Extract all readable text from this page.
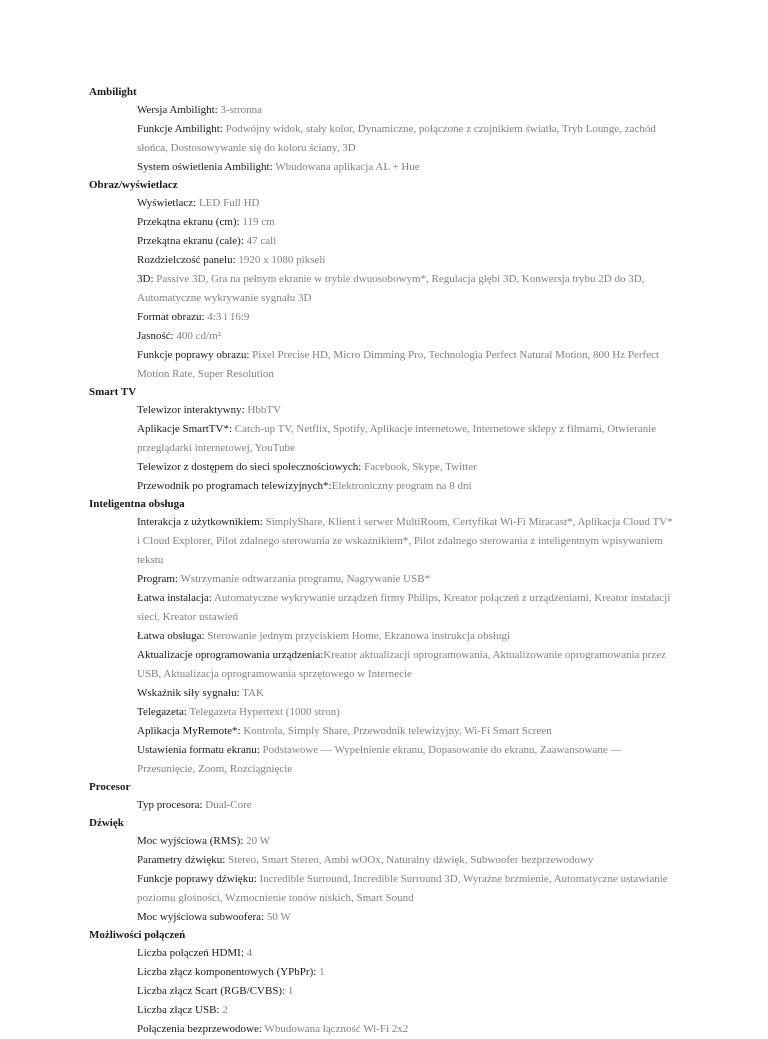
Ambilight
Wersja Ambilight: 3-stronna
Funkcje Ambilight: Podwójny widok, stały kolor, Dynamiczne, połączone z czujnikiem światła, Tryb Lounge, zachód słońca, Dostosowywanie się do koloru ściany, 3D
System oświetlenia Ambilight: Wbudowana aplikacja AL + Hue
Obraz/wyświetlacz
Wyświetlacz: LED Full HD
Przekątna ekranu (cm): 119 cm
Przekątna ekranu (cale): 47 cali
Rozdzielczość panelu: 1920 x 1080 pikseli
3D: Passive 3D, Gra na pełnym ekranie w trybie dwuosobowym*, Regulacja głębi 3D, Konwersja trybu 2D do 3D, Automatyczne wykrywanie sygnału 3D
Format obrazu: 4:3 i 16:9
Jasność: 400 cd/m²
Funkcje poprawy obrazu: Pixel Precise HD, Micro Dimming Pro, Technologia Perfect Natural Motion, 800 Hz Perfect Motion Rate, Super Resolution
Smart TV
Telewizor interaktywny: HbbTV
Aplikacje SmartTV*: Catch-up TV, Netflix, Spotify, Aplikacje internetowe, Internetowe sklepy z filmami, Otwieranie przeglądarki internetowej, YouTube
Telewizor z dostępem do sieci społecznościowych: Facebook, Skype, Twitter
Przewodnik po programach telewizyjnych*:Elektroniczny program na 8 dni
Inteligentna obsługa
Interakcja z użytkownikiem: SimplyShare, Klient i serwer MultiRoom, Certyfikat Wi-Fi Miracast*, Aplikacja Cloud TV* i Cloud Explorer, Pilot zdalnego sterowania ze wskaźnikiem*, Pilot zdalnego sterowania z inteligentnym wpisywaniem tekstu
Program: Wstrzymanie odtwarzania programu, Nagrywanie USB*
Łatwa instalacja: Automatyczne wykrywanie urządzeń firmy Philips, Kreator połączeń z urządzeniami, Kreator instalacji sieci, Kreator ustawień
Łatwa obsługa: Sterowanie jednym przyciskiem Home, Ekranowa instrukcja obsługi
Aktualizacje oprogramowania urządzenia:Kreator aktualizacji oprogramowania, Aktualizowanie oprogramowania przez USB, Aktualizacja oprogramowania sprzętowego w Internecie
Wskaźnik siły sygnału: TAK
Telegazeta: Telegazeta Hypertext (1000 stron)
Aplikacja MyRemote*: Kontrola, Simply Share, Przewodnik telewizyjny, Wi-Fi Smart Screen
Ustawienia formatu ekranu: Podstawowe — Wypełnienie ekranu, Dopasowanie do ekranu, Zaawansowane — Przesunięcie, Zoom, Rozciągnięcie
Procesor
Typ procesora: Dual-Core
Dźwięk
Moc wyjściowa (RMS): 20 W
Parametry dźwięku: Stereo, Smart Stereo, Ambi wOOx, Naturalny dźwięk, Subwoofer bezprzewodowy
Funkcje poprawy dźwięku: Incredible Surround, Incredible Surround 3D, Wyraźne brzmienie, Automatyczne ustawianie poziomu głośności, Wzmocnienie tonów niskich, Smart Sound
Moc wyjściowa subwoofera: 50 W
Możliwości połączeń
Liczba połączeń HDMI: 4
Liczba złącz komponentowych (YPbPr): 1
Liczba złącz Scart (RGB/CVBS): 1
Liczba złącz USB: 2
Połączenia bezprzewodowe: Wbudowana łączność Wi-Fi 2x2
